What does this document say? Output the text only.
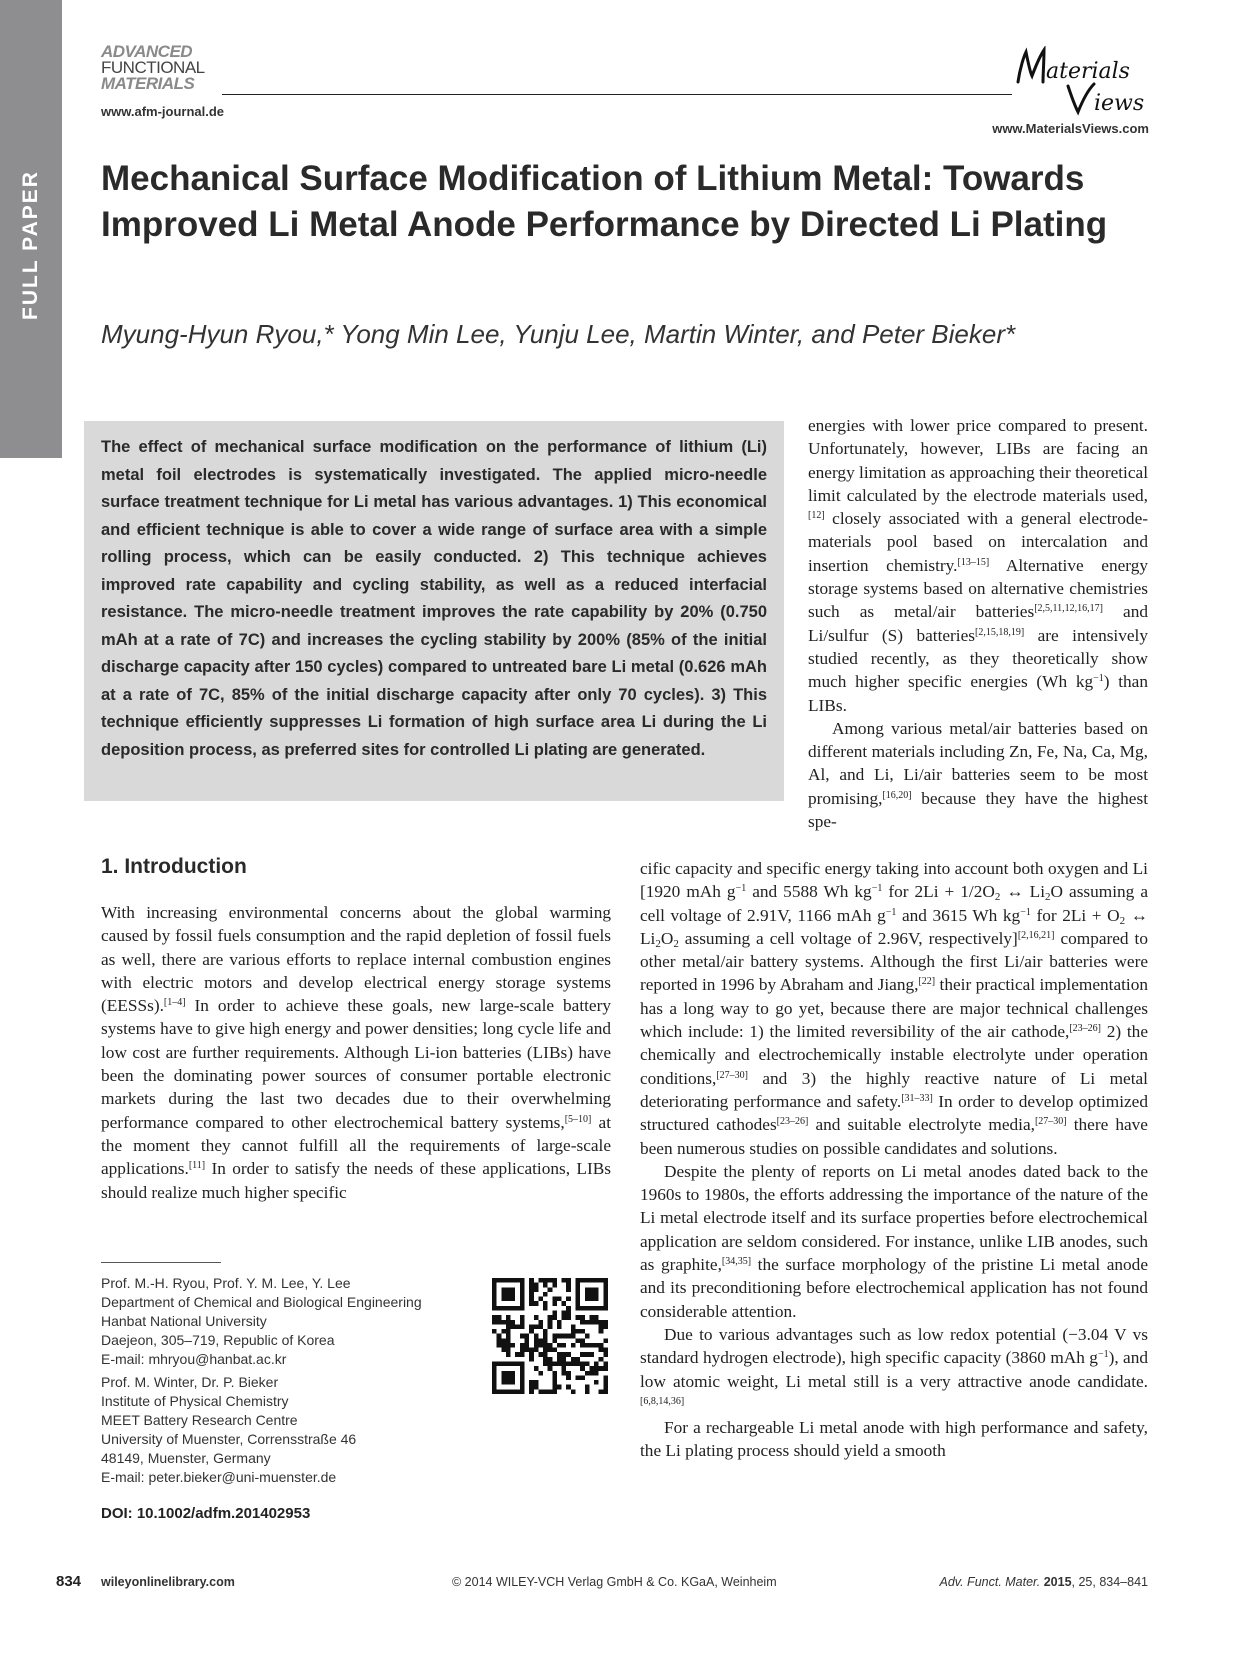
FULL PAPER
ADVANCED
FUNCTIONAL
MATERIALS
www.afm-journal.de
aterials
iews
www.MaterialsViews.com
Mechanical Surface Modification of Lithium Metal: Towards Improved Li Metal Anode Performance by Directed Li Plating

Myung-Hyun Ryou,* Yong Min Lee, Yunju Lee, Martin Winter, and Peter Bieker*

The effect of mechanical surface modification on the performance of lithium (Li) metal foil electrodes is systematically investigated. The applied micro-needle surface treatment technique for Li metal has various advantages. 1) This economical and efficient technique is able to cover a wide range of surface area with a simple rolling process, which can be easily conducted. 2) This technique achieves improved rate capability and cycling stability, as well as a reduced interfacial resistance. The micro-needle treatment improves the rate capability by 20% (0.750 mAh at a rate of 7C) and increases the cycling stability by 200% (85% of the initial discharge capacity after 150 cycles) compared to untreated bare Li metal (0.626 mAh at a rate of 7C, 85% of the initial discharge capacity after only 70 cycles). 3) This technique efficiently suppresses Li formation of high surface area Li during the Li deposition process, as preferred sites for controlled Li plating are generated.

energies with lower price compared to present. Unfortunately, however, LIBs are facing an energy limitation as approaching their theoretical limit calculated by the electrode materials used,[12] closely associated with a general electrode-materials pool based on intercalation and insertion chemistry.[13–15] Alternative energy storage systems based on alternative chemistries such as metal/air batteries[2,5,11,12,16,17] and Li/sulfur (S) batteries[2,15,18,19] are intensively studied recently, as they theoretically show much higher specific energies (Wh $kg^{-1}$) than LIBs.

Among various metal/air batteries based on different materials including Zn, Fe, Na, Ca, Mg, Al, and Li, Li/air batteries seem to be most promising,[16,20] because they have the highest spe-

1. Introduction

With increasing environmental concerns about the global warming caused by fossil fuels consumption and the rapid depletion of fossil fuels as well, there are various efforts to replace internal combustion engines with electric motors and develop electrical energy storage systems (EESSs).[1–4] In order to achieve these goals, new large-scale battery systems have to give high energy and power densities; long cycle life and low cost are further requirements. Although Li-ion batteries (LIBs) have been the dominating power sources of consumer portable electronic markets during the last two decades due to their overwhelming performance compared to other electrochemical battery systems,[5–10] at the moment they cannot fulfill all the requirements of large-scale applications.[11] In order to satisfy the needs of these applications, LIBs should realize much higher specific

cific capacity and specific energy taking into account both oxygen and Li [1920 mAh $g^{-1}$ and 5588 Wh $kg^{-1}$ for $2Li + 1/2O_2$ ↔ $Li_2O$ assuming a cell voltage of 2.91V, 1166 mAh $g^{-1}$ and 3615 Wh $kg^{-1}$ for $2Li + O_2$ ↔ $Li_2O_2$ assuming a cell voltage of 2.96V, respectively][2,16,21] compared to other metal/air battery systems. Although the first Li/air batteries were reported in 1996 by Abraham and Jiang,[22] their practical implementation has a long way to go yet, because there are major technical challenges which include: 1) the limited reversibility of the air cathode,[23–26] 2) the chemically and electrochemically instable electrolyte under operation conditions,[27–30] and 3) the highly reactive nature of Li metal deteriorating performance and safety.[31–33] In order to develop optimized structured cathodes[23–26] and suitable electrolyte media,[27–30] there have been numerous studies on possible candidates and solutions.

Despite the plenty of reports on Li metal anodes dated back to the 1960s to 1980s, the efforts addressing the importance of the nature of the Li metal electrode itself and its surface properties before electrochemical application are seldom considered. For instance, unlike LIB anodes, such as graphite,[34,35] the surface morphology of the pristine Li metal anode and its preconditioning before electrochemical application has not found considerable attention.

Due to various advantages such as low redox potential (−3.04 V vs standard hydrogen electrode), high specific capacity (3860 mAh $g^{-1}$), and low atomic weight, Li metal still is a very attractive anode candidate.[6,8,14,36]

For a rechargeable Li metal anode with high performance and safety, the Li plating process should yield a smooth

Prof. M.-H. Ryou, Prof. Y. M. Lee, Y. Lee
Department of Chemical and Biological Engineering
Hanbat National University
Daejeon, 305–719, Republic of Korea
E-mail: mhryou@hanbat.ac.kr
Prof. M. Winter, Dr. P. Bieker
Institute of Physical Chemistry
MEET Battery Research Centre
University of Muenster, Corrensstraße 46
48149, Muenster, Germany
E-mail: peter.bieker@uni-muenster.de
DOI: 10.1002/adfm.201402953
834 wileyonlinelibrary.com	© 2014 WILEY-VCH Verlag GmbH & Co. KGaA, Weinheim	Adv. Funct. Mater. 2015, 25, 834–841
